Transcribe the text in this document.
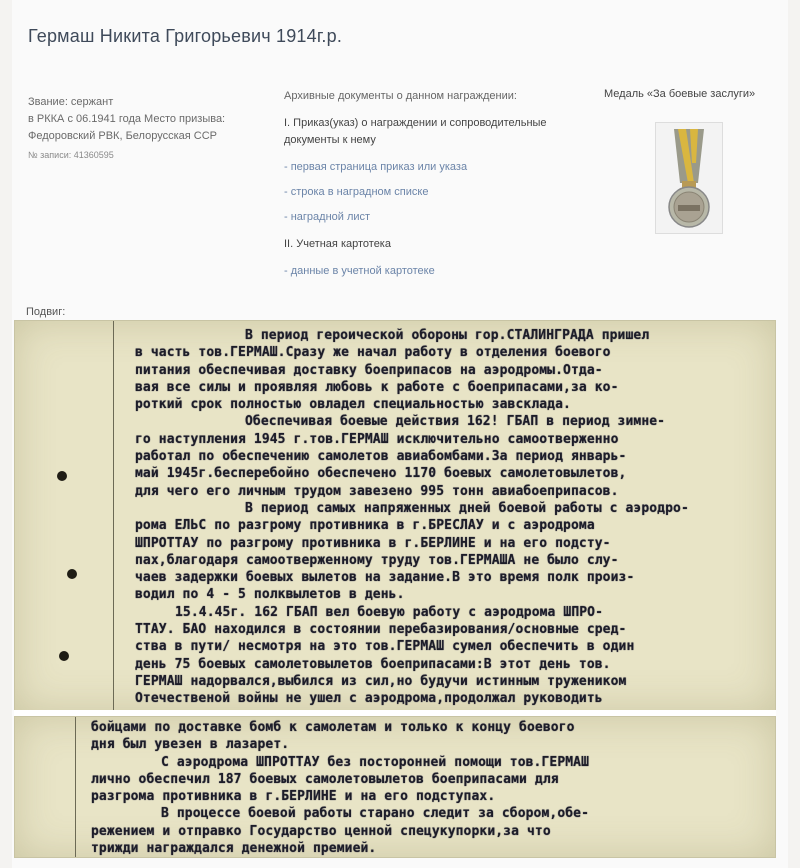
Гермаш Никита Григорьевич 1914г.р.
Звание: сержант
в РККА с 06.1941 года Место призыва:
Федоровский РВК, Белорусская ССР
№ записи: 41360595
Архивные документы о данном награждении:
I. Приказ(указ) о награждении и сопроводительные документы к нему
- первая страница приказ или указа
- строка в наградном списке
- наградной лист
II. Учетная картотека
- данные в учетной картотеке
Медаль «За боевые заслуги»
Подвиг:
В период героической обороны гор.СТАЛИНГРАДА пришел
в часть тов.ГЕРМАШ.Сразу же начал работу в отделения боевого
питания обеспечивая доставку боеприпасов на аэродромы.Отда-
вая все силы и проявляя любовь к работе с боеприпасами,за ко-
роткий срок полностью овладел специальностью завсклада.
Обеспечивая боевые действия 162! ГБАП в период зимне-
го наступления 1945 г.тов.ГЕРМАШ исключительно самоотверженно
работал по обеспечению самолетов авиабомбами.За период январь-
май 1945г.бесперебойно обеспечено 1170 боевых самолетовылетов,
для чего его личным трудом завезено 995 тонн авиабоеприпасов.
В период самых напряженных дней боевой работы с аэродро-
рома ЕЛЬС по разгрому противника в г.БРЕСЛАУ и с аэродрома
ШПРОТТАУ по разгрому противника в г.БЕРЛИНЕ и на его подсту-
пах,благодаря самоотверженному труду тов.ГЕРМАША не было слу-
чаев задержки боевых вылетов на задание.В это время полк произ-
водил по 4 - 5 полквылетов в день.
15.4.45г. 162 ГБАП вел боевую работу с аэродрома ШПРО-
ТТАУ. БАО находился в состоянии перебазирования/основные сред-
ства в пути/ несмотря на это тов.ГЕРМАШ сумел обеспечить в один
день 75 боевых самолетовылетов боеприпасами:В этот день тов.
ГЕРМАШ надорвался,выбился из сил,но будучи истинным тружеником
Отечественой войны не ушел с аэродрома,продолжал руководить
бойцами по доставке бомб к самолетам и только к концу боевого
дня был увезен в лазарет.
С аэродрома ШПРОТТАУ без посторонней помощи тов.ГЕРМАШ
лично обеспечил 187 боевых самолетовылетов боеприпасами для
разгрома противника в г.БЕРЛИНЕ и на его подступах.
В процессе боевой работы старано следит за сбором,обе-
режением и отправко Государство ценной спецукупорки,за что
трижди награждался денежной премией.
